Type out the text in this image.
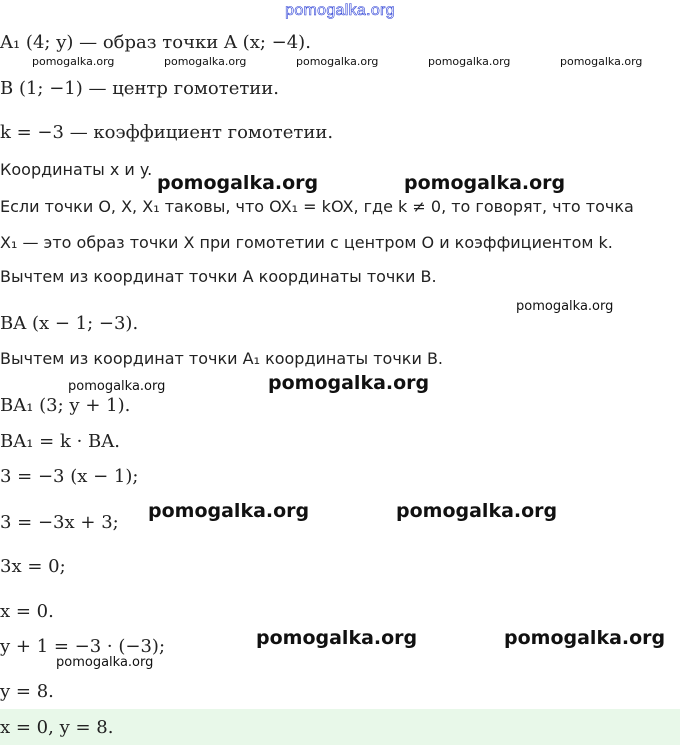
pomogalka.org
A₁ (4; y) — образ точки A (x; −4).
B (1; −1) — центр гомотетии.
k = −3 — коэффициент гомотетии.
Координаты x и y.
Если точки O, X, X₁ таковы, что OX₁ = kOX, где k ≠ 0, то говорят, что точка
X₁ — это образ точки X при гомотетии с центром O и коэффициентом k.
Вычтем из координат точки A координаты точки B.
BA (x − 1; −3).
Вычтем из координат точки A₁ координаты точки B.
BA₁ (3; y + 1).
BA₁ = k · BA.
3 = −3 (x − 1);
3 = −3x + 3;
3x = 0;
x = 0.
y + 1 = −3 · (−3);
y = 8.
x = 0, y = 8.
pomogalka.org	pomogalka.org	pomogalka.org	pomogalka.org	pomogalka.org
pomogalka.org	pomogalka.org
pomogalka.org
pomogalka.org
pomogalka.org
pomogalka.org	pomogalka.org
pomogalka.org	pomogalka.org
pomogalka.org
